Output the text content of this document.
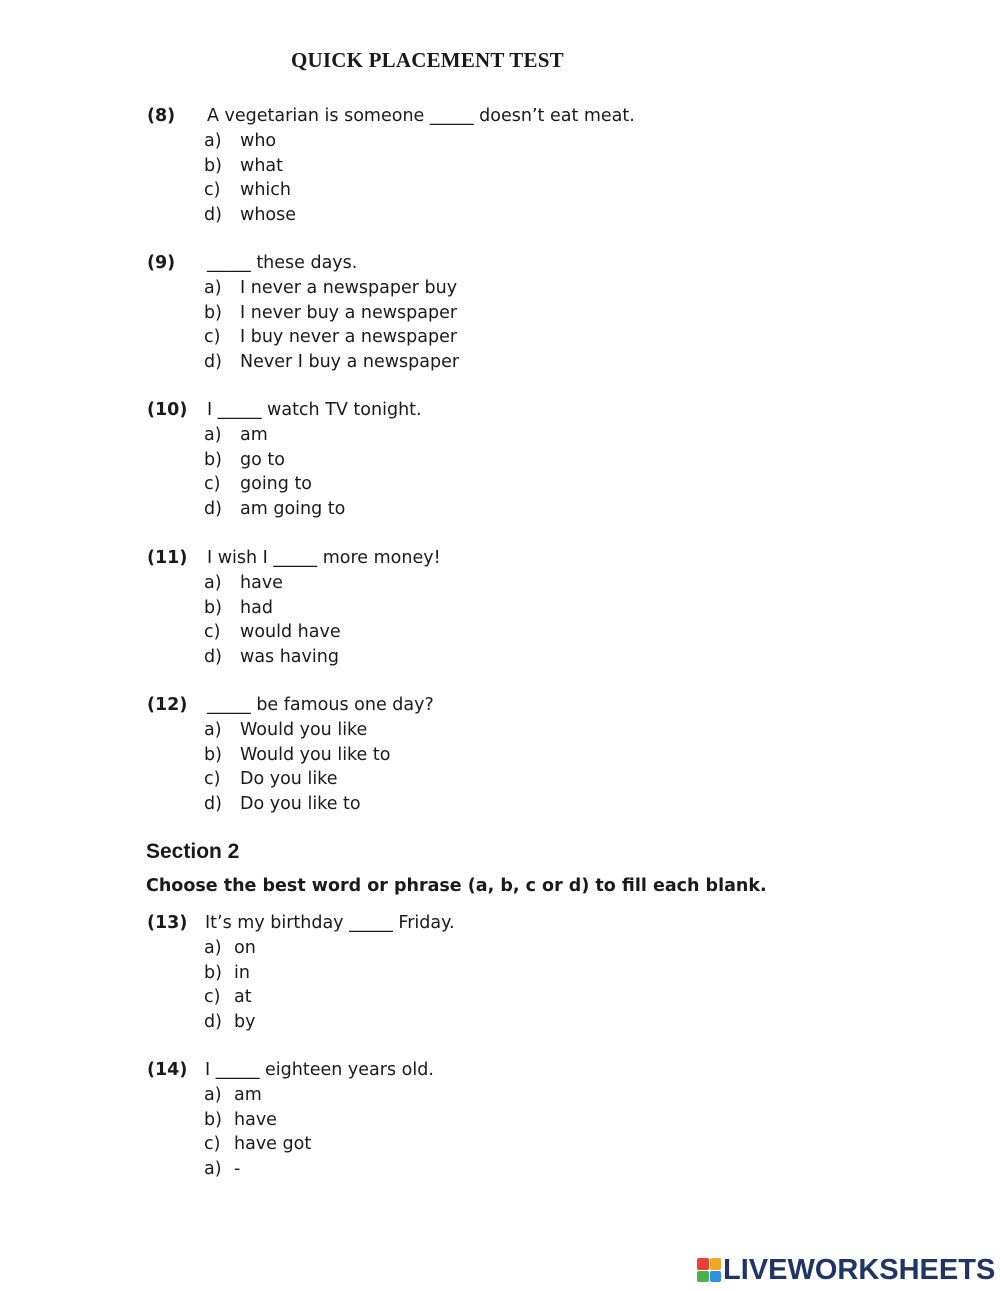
QUICK PLACEMENT TEST
(8) A vegetarian is someone _____ doesn’t eat meat.
a) who
b) what
c) which
d) whose
(9) _____ these days.
a) I never a newspaper buy
b) I never buy a newspaper
c) I buy never a newspaper
d) Never I buy a newspaper
(10) I _____ watch TV tonight.
a) am
b) go to
c) going to
d) am going to
(11) I wish I _____ more money!
a) have
b) had
c) would have
d) was having
(12) _____ be famous one day?
a) Would you like
b) Would you like to
c) Do you like
d) Do you like to
Section 2
Choose the best word or phrase (a, b, c or d) to fill each blank.
(13) It’s my birthday _____ Friday.
a) on
b) in
c) at
d) by
(14) I _____ eighteen years old.
a) am
b) have
c) have got
a) -
LIVEWORKSHEETS
